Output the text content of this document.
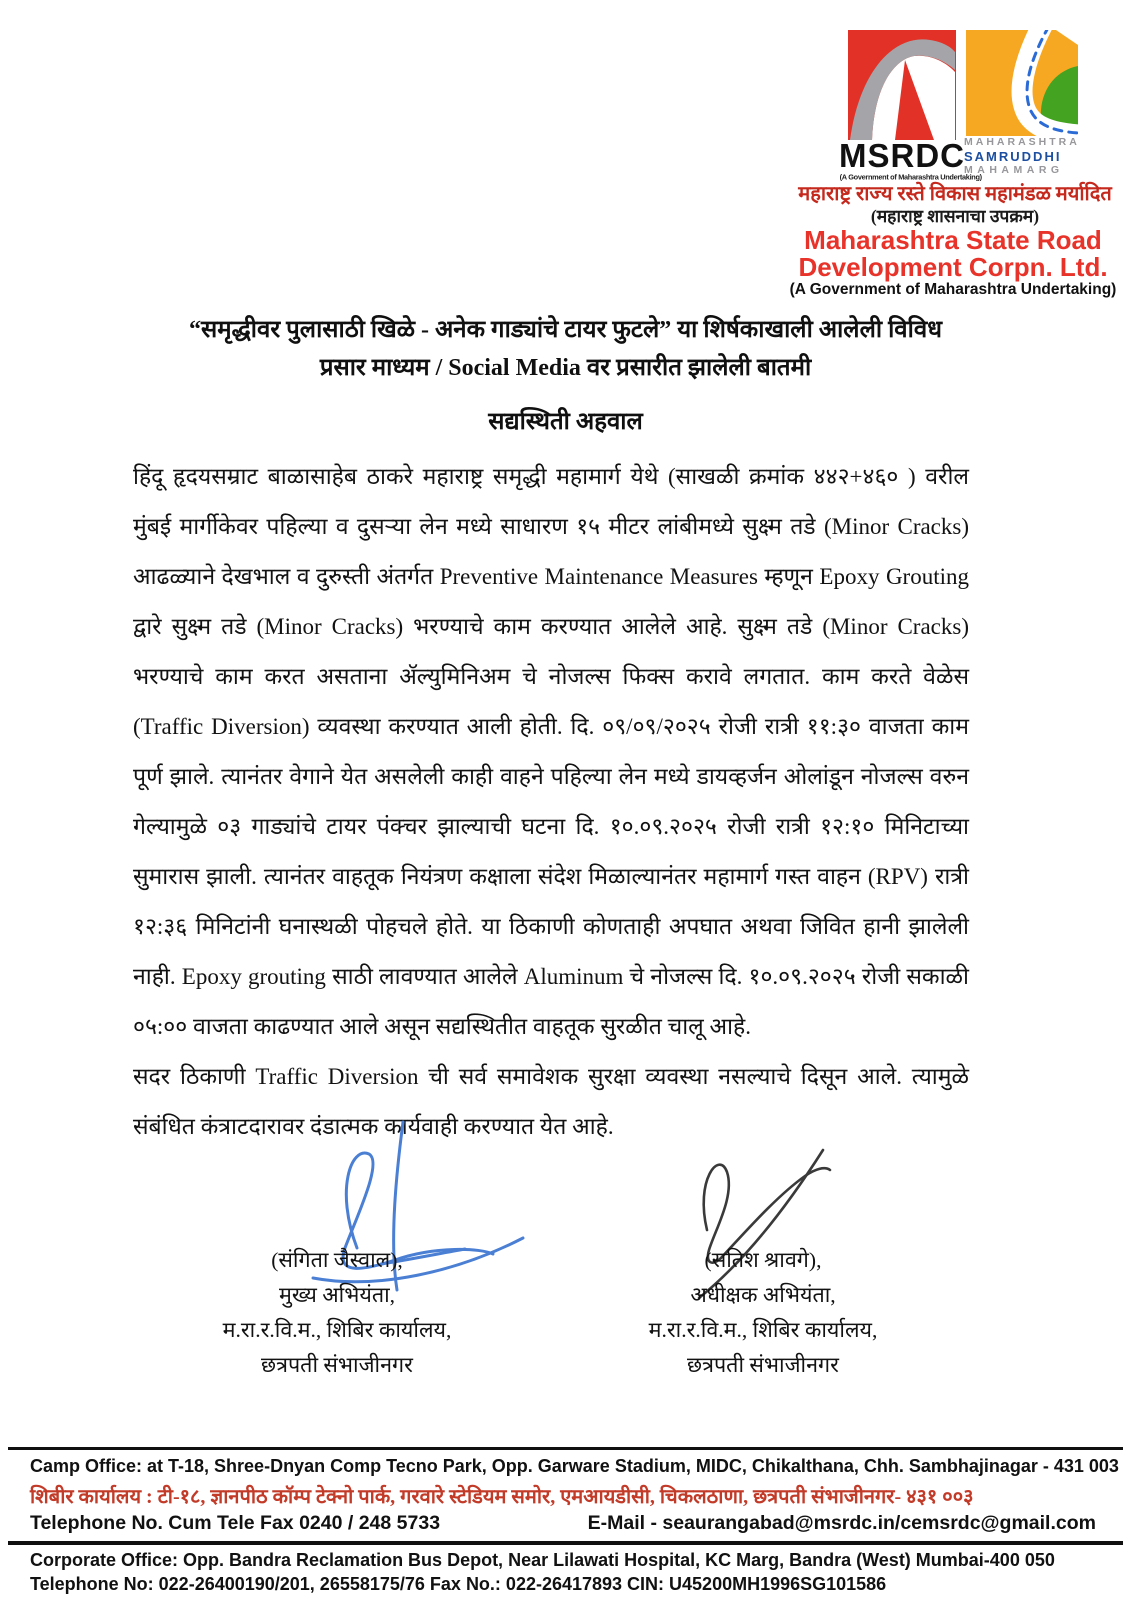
MSRDC
(A Government of Maharashtra Undertaking)
MAHARASHTRA
SAMRUDDHI
MAHAMARG
महाराष्ट्र राज्य रस्ते विकास महामंडळ मर्यादित
(महाराष्ट्र शासनाचा उपक्रम)
Maharashtra State Road
Development Corpn. Ltd.
(A Government of Maharashtra Undertaking)
“समृद्धीवर पुलासाठी खिळे - अनेक गाड्यांचे टायर फुटले” या शिर्षकाखाली आलेली विविध
प्रसार माध्यम / Social Media वर प्रसारीत झालेली बातमी
सद्यस्थिती अहवाल
हिंदू हृदयसम्राट बाळासाहेब ठाकरे महाराष्ट्र समृद्धी महामार्ग येथे (साखळी क्रमांक ४४२+४६० ) वरील
मुंबई मार्गीकेवर पहिल्या व दुसऱ्या लेन मध्ये साधारण १५ मीटर लांबीमध्ये सुक्ष्म तडे (Minor Cracks)
आढळ्याने देखभाल व दुरुस्ती अंतर्गत Preventive Maintenance Measures म्हणून Epoxy Grouting
द्वारे सुक्ष्म तडे (Minor Cracks) भरण्याचे काम करण्यात आलेले आहे. सुक्ष्म तडे (Minor Cracks)
भरण्याचे काम करत असताना ॲल्युमिनिअम चे नोजल्स फिक्स करावे लगतात. काम करते वेळेस
(Traffic Diversion) व्यवस्था करण्यात आली होती. दि. ०९/०९/२०२५ रोजी रात्री ११:३० वाजता काम
पूर्ण झाले. त्यानंतर वेगाने येत असलेली काही वाहने पहिल्या लेन मध्ये डायव्हर्जन ओलांडून नोजल्स वरुन
गेल्यामुळे ०३ गाड्यांचे टायर पंक्चर झाल्याची घटना दि. १०.०९.२०२५ रोजी रात्री १२:१० मिनिटाच्या
सुमारास झाली. त्यानंतर वाहतूक नियंत्रण कक्षाला संदेश मिळाल्यानंतर महामार्ग गस्त वाहन (RPV) रात्री
१२:३६ मिनिटांनी घनास्थळी पोहचले होते. या ठिकाणी कोणताही अपघात अथवा जिवित हानी झालेली
नाही. Epoxy grouting साठी लावण्यात आलेले Aluminum चे नोजल्स दि. १०.०९.२०२५ रोजी सकाळी
०५:०० वाजता काढण्यात आले असून सद्यस्थितीत वाहतूक सुरळीत चालू आहे.
सदर ठिकाणी Traffic Diversion ची सर्व समावेशक सुरक्षा व्यवस्था नसल्याचे दिसून आले. त्यामुळे
संबंधित कंत्राटदारावर दंडात्मक कार्यवाही करण्यात येत आहे.
(संगिता जैस्वाल),
मुख्य अभियंता,
म.रा.र.वि.म., शिबिर कार्यालय,
छत्रपती संभाजीनगर
(सतिश श्रावगे),
अधीक्षक अभियंता,
म.रा.र.वि.म., शिबिर कार्यालय,
छत्रपती संभाजीनगर
Camp Office: at T-18, Shree-Dnyan Comp Tecno Park, Opp. Garware Stadium, MIDC, Chikalthana, Chh. Sambhajinagar - 431 003
शिबीर कार्यालय : टी-१८, ज्ञानपीठ कॉम्प टेक्नो पार्क, गरवारे स्टेडियम समोर, एमआयडीसी, चिकलठाणा, छत्रपती संभाजीनगर- ४३१ ००३
Telephone No. Cum Tele Fax 0240 / 248 5733	E-Mail - seaurangabad@msrdc.in/cemsrdc@gmail.com
Corporate Office: Opp. Bandra Reclamation Bus Depot, Near Lilawati Hospital, KC Marg, Bandra (West) Mumbai-400 050
Telephone No: 022-26400190/201, 26558175/76 Fax No.: 022-26417893 CIN: U45200MH1996SG101586
